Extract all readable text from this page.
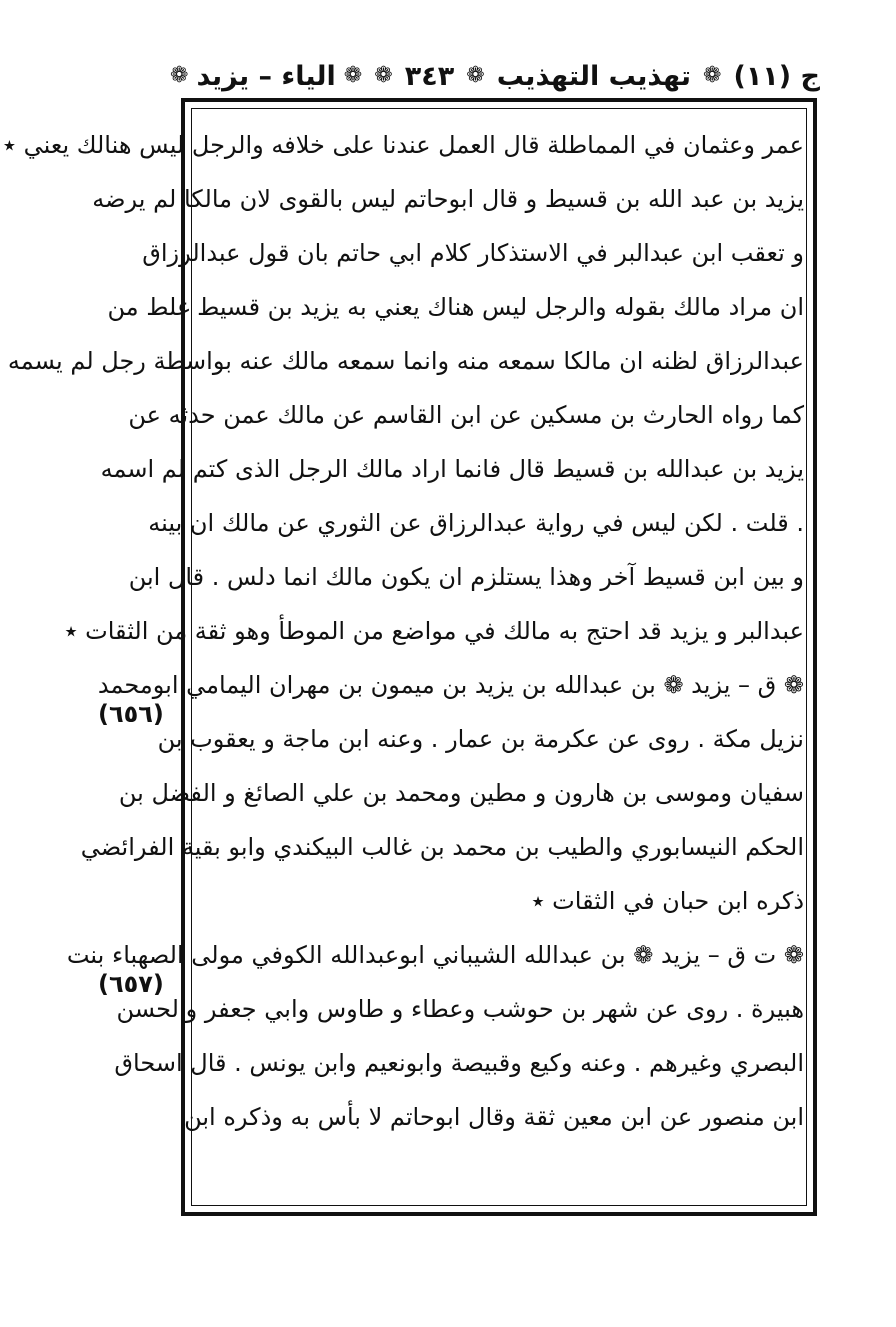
ج (١١)
❁
تهذيب التهذيب
❁
٣٤٣
❁
❁
الياء – يزيد
❁
عمر وعثمان في المماطلة قال العمل عندنا على خلافه والرجل ليس هنالك يعني ٭
يزيد بن عبد الله بن قسيط و قال ابوحاتم ليس بالقوى لان مالكا لم يرضه
و تعقب ابن عبدالبر في الاستذكار كلام ابي حاتم بان قول عبدالرزاق
ان مراد مالك بقوله والرجل ليس هناك يعني به يزيد بن قسيط غلط من
عبدالرزاق لظنه ان مالكا سمعه منه وانما سمعه مالك عنه بواسطة رجل لم يسمه
كما رواه الحارث بن مسكين عن ابن القاسم عن مالك عمن حدثه عن
يزيد بن عبدالله بن قسيط قال فانما اراد مالك الرجل الذى كتم لم اسمه
. قلت . لكن ليس في رواية عبدالرزاق عن الثوري عن مالك ان بينه
و بين ابن قسيط آخر وهذا يستلزم ان يكون مالك انما دلس . قال ابن
عبدالبر و يزيد قد احتج به مالك في مواضع من الموطأ وهو ثقة من الثقات ٭
❁ ق – يزيد ❁ بن عبدالله بن يزيد بن ميمون بن مهران اليمامي ابومحمد
نزيل مكة . روى عن عكرمة بن عمار . وعنه ابن ماجة و يعقوب بن
سفيان وموسى بن هارون و مطين ومحمد بن علي الصائغ و الفضل بن
الحكم النيسابوري والطيب بن محمد بن غالب البيكندي وابو بقية الفرائضي
ذكره ابن حبان في الثقات ٭
❁ ت ق – يزيد ❁ بن عبدالله الشيباني ابوعبدالله الكوفي مولى الصهباء بنت
هبيرة . روى عن شهر بن حوشب وعطاء و طاوس وابي جعفر والحسن
البصري وغيرهم . وعنه وكيع وقبيصة وابونعيم وابن يونس . قال اسحاق
ابن منصور عن ابن معين ثقة وقال ابوحاتم لا بأس به وذكره ابن
(٦٥٦)
(٦٥٧)
